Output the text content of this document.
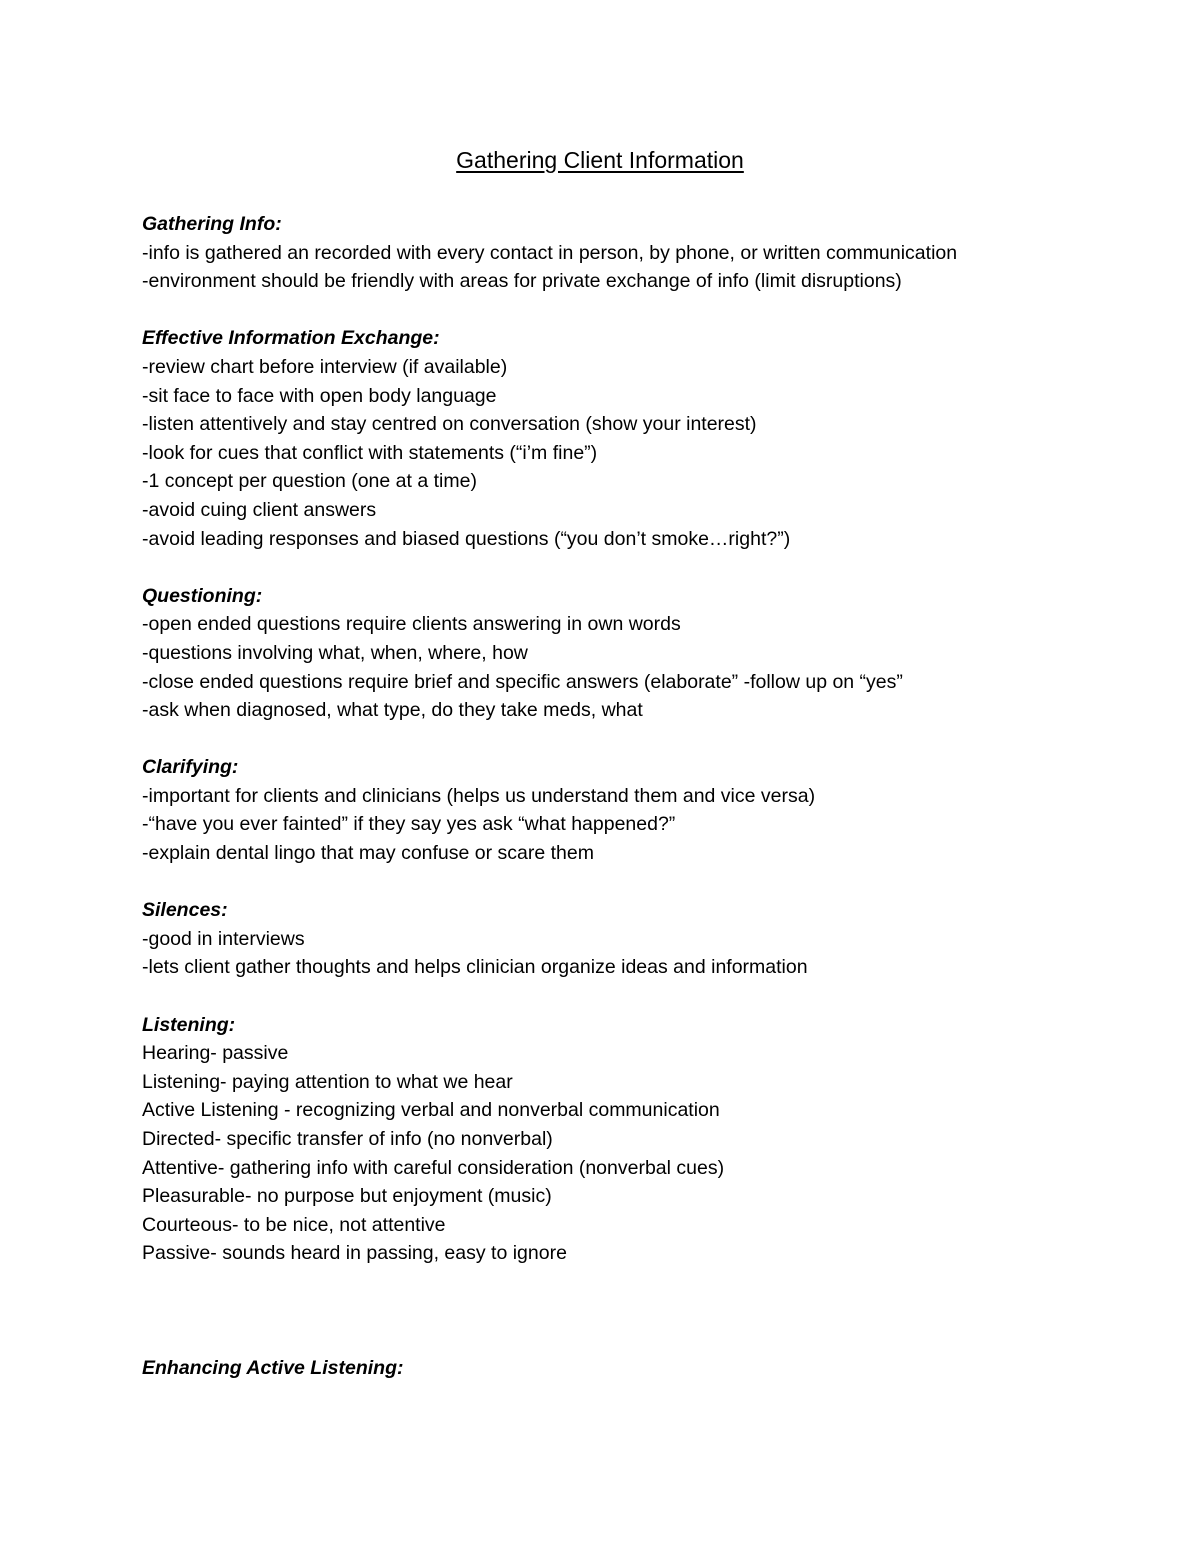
Gathering Client Information
Gathering Info:
-info is gathered an recorded with every contact in person, by phone, or written communication
-environment should be friendly with areas for private exchange of info (limit disruptions)
Effective Information Exchange:
-review chart before interview (if available)
-sit face to face with open body language
-listen attentively and stay centred on conversation (show your interest)
-look for cues that conflict with statements (“i’m fine”)
-1 concept per question (one at a time)
-avoid cuing client answers
-avoid leading responses and biased questions (“you don’t smoke…right?”)
Questioning:
-open ended questions require clients answering in own words
-questions involving what, when, where, how
-close ended questions require brief and specific answers (elaborate” -follow up on “yes”
-ask when diagnosed, what type, do they take meds, what
Clarifying:
-important for clients and clinicians (helps us understand them and vice versa)
-“have you ever fainted” if they say yes ask “what happened?”
-explain dental lingo that may confuse or scare them
Silences:
-good in interviews
-lets client gather thoughts and helps clinician organize ideas and information
Listening:
Hearing- passive
Listening- paying attention to what we hear
Active Listening - recognizing verbal and nonverbal communication
Directed- specific transfer of info (no nonverbal)
Attentive- gathering info with careful consideration (nonverbal cues)
Pleasurable- no purpose but enjoyment (music)
Courteous- to be nice, not attentive
Passive- sounds heard in passing, easy to ignore
Enhancing Active Listening:
